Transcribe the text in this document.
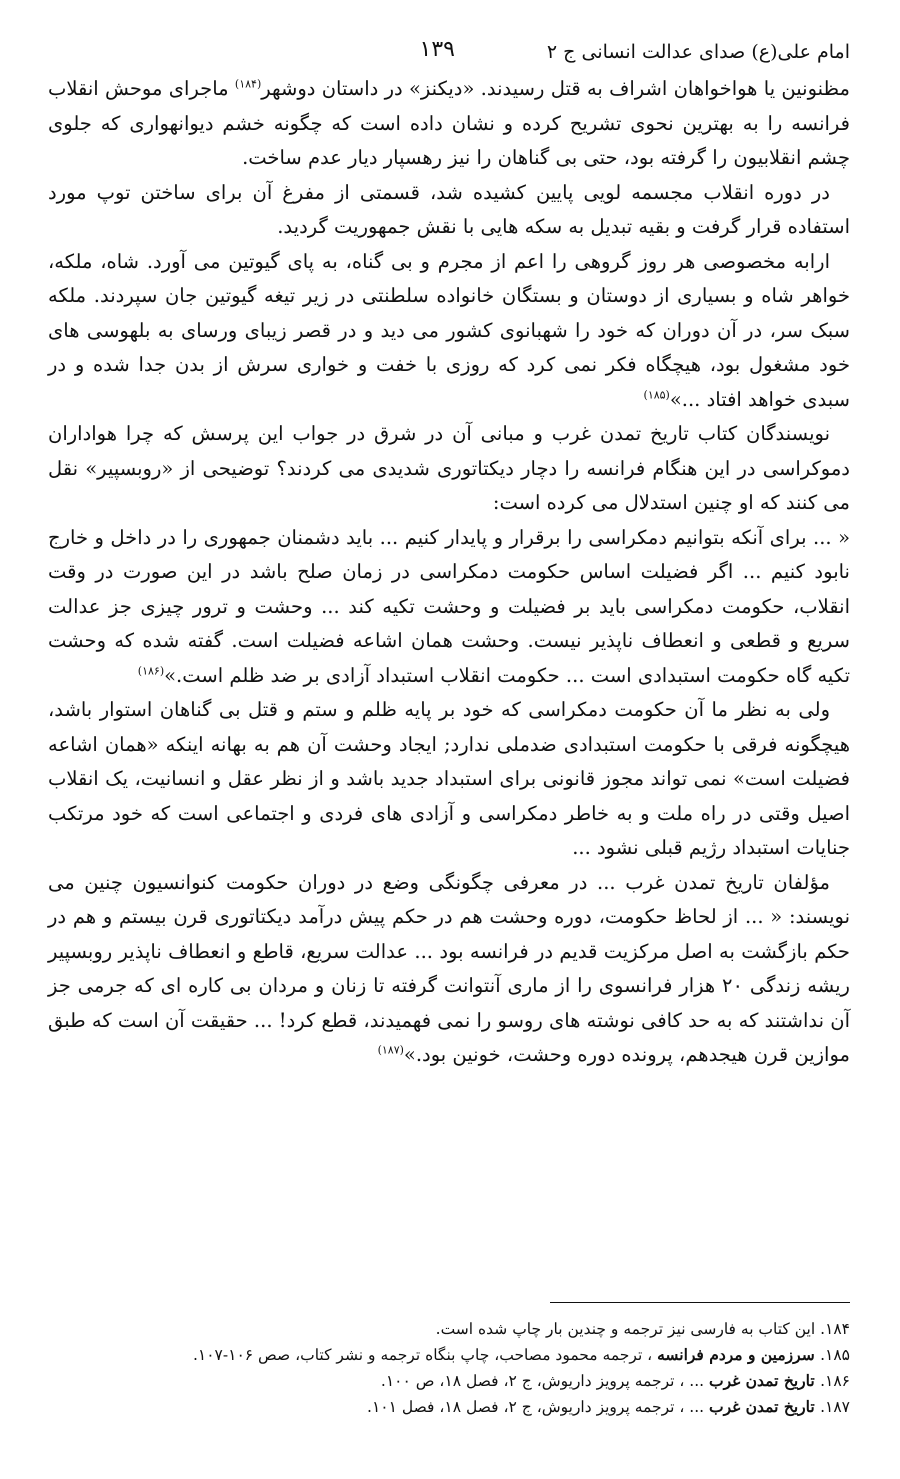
امام علی(ع) صدای عدالت انسانی ج ۲
۱۳۹

مظنونین یا هواخواهان اشراف به قتل رسیدند. «دیکنز» در داستان دوشهر$^{(۱۸۴)}$ ماجرای موحش انقلاب فرانسه را به بهترین نحوی تشریح کرده و نشان داده است که چگونه خشم دیوانهواری که جلوی چشم انقلابیون را گرفته بود، حتی بی گناهان را نیز رهسپار دیار عدم ساخت.

در دوره انقلاب مجسمه لویی پایین کشیده شد، قسمتی از مفرغ آن برای ساختن توپ مورد استفاده قرار گرفت و بقیه تبدیل به سکه هایی با نقش جمهوریت گردید.

ارابه مخصوصی هر روز گروهی را اعم از مجرم و بی گناه، به پای گیوتین می آورد. شاه، ملکه، خواهر شاه و بسیاری از دوستان و بستگان خانواده سلطنتی در زیر تیغه گیوتین جان سپردند. ملکه سبک سر، در آن دوران که خود را شهبانوی کشور می دید و در قصر زیبای ورسای به بلهوسی های خود مشغول بود، هیچگاه فکر نمی کرد که روزی با خفت و خواری سرش از بدن جدا شده و در سبدی خواهد افتاد ...»$^{(۱۸۵)}$

نویسندگان کتاب تاریخ تمدن غرب و مبانی آن در شرق در جواب این پرسش که چرا هواداران دموکراسی در این هنگام فرانسه را دچار دیکتاتوری شدیدی می کردند؟ توضیحی از «روبسپیر» نقل می کنند که او چنین استدلال می کرده است:

« ... برای آنکه بتوانیم دمکراسی را برقرار و پایدار کنیم ... باید دشمنان جمهوری را در داخل و خارج نابود کنیم ... اگر فضیلت اساس حکومت دمکراسی در زمان صلح باشد در این صورت در وقت انقلاب، حکومت دمکراسی باید بر فضیلت و وحشت تکیه کند ... وحشت و ترور چیزی جز عدالت سریع و قطعی و انعطاف ناپذیر نیست. وحشت همان اشاعه فضیلت است. گفته شده که وحشت تکیه گاه حکومت استبدادی است ... حکومت انقلاب استبداد آزادی بر ضد ظلم است.»$^{(۱۸۶)}$

ولی به نظر ما آن حکومت دمکراسی که خود بر پایه ظلم و ستم و قتل بی گناهان استوار باشد، هیچگونه فرقی با حکومت استبدادی ضدملی ندارد; ایجاد وحشت آن هم به بهانه اینکه «همان اشاعه فضیلت است» نمی تواند مجوز قانونی برای استبداد جدید باشد و از نظر عقل و انسانیت، یک انقلاب اصیل وقتی در راه ملت و به خاطر دمکراسی و آزادی های فردی و اجتماعی است که خود مرتکب جنایات استبداد رژیم قبلی نشود ...

مؤلفان تاریخ تمدن غرب ... در معرفی چگونگی وضع در دوران حکومت کنوانسیون چنین می نویسند: « ... از لحاظ حکومت، دوره وحشت هم در حکم پیش درآمد دیکتاتوری قرن بیستم و هم در حکم بازگشت به اصل مرکزیت قدیم در فرانسه بود ... عدالت سریع، قاطع و انعطاف ناپذیر روبسپیر ریشه زندگی ۲۰ هزار فرانسوی را از ماری آنتوانت گرفته تا زنان و مردان بی کاره ای که جرمی جز آن نداشتند که به حد کافی نوشته های روسو را نمی فهمیدند، قطع کرد! ... حقیقت آن است که طبق موازین قرن هیجدهم، پرونده دوره وحشت، خونین بود.»$^{(۱۸۷)}$

۱۸۴. این کتاب به فارسی نیز ترجمه و چندین بار چاپ شده است.
۱۸۵. سرزمین و مردم فرانسه ، ترجمه محمود مصاحب، چاپ بنگاه ترجمه و نشر کتاب، صص ۱۰۶-۱۰۷.
۱۸۶. تاریخ تمدن غرب ... ، ترجمه پرویز داریوش، ج ۲، فصل ۱۸، ص ۱۰۰.
۱۸۷. تاریخ تمدن غرب ... ، ترجمه پرویز داریوش، ج ۲، فصل ۱۸، فصل ۱۰۱.
